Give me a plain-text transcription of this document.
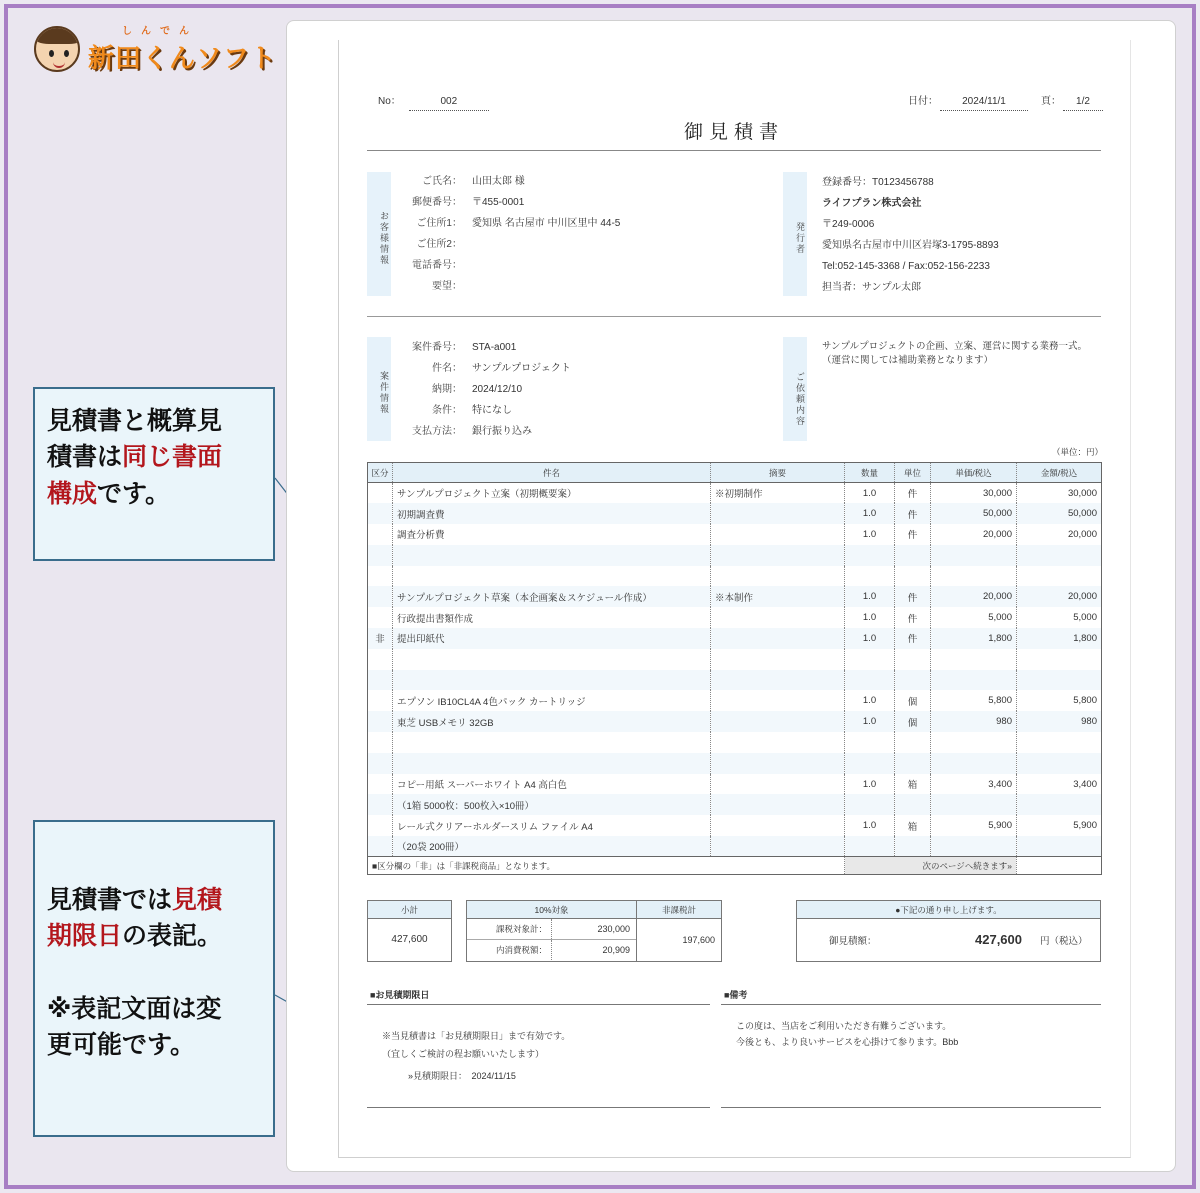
しんでん
新田くんソフト
見積書と概算見
積書は同じ書面
構成です。
見積書では見積
期限日の表記。
※表記文面は変
更可能です。
No：	002	日付： 2024/11/1	頁： 1/2
御見積書
お客様情報
ご氏名：	山田太郎 様
郵便番号：	〒455-0001
ご住所1：	愛知県 名古屋市 中川区里中 44-5
ご住所2：
電話番号：
要望：
発行者
登録番号：T0123456788
ライフプラン株式会社
〒249-0006
愛知県名古屋市中川区岩塚3-1795-8893
Tel:052-145-3368 / Fax:052-156-2233
担当者：サンプル太郎
案件情報
案件番号：	STA-a001
件名：	サンプルプロジェクト
納期：	2024/12/10
条件：	特になし
支払方法：	銀行振り込み
ご依頼内容
サンプルプロジェクトの企画、立案、運営に関する業務一式。
（運営に関しては補助業務となります）
（単位：円）
区分	件名	摘要	数量	単位	単価/税込	金額/税込
	サンプルプロジェクト立案（初期概要案）	※初期制作	1.0	件	30,000	30,000
	初期調査費		1.0	件	50,000	50,000
	調査分析費		1.0	件	20,000	20,000

	サンプルプロジェクト草案（本企画案＆スケジュール作成）	※本制作	1.0	件	20,000	20,000
	行政提出書類作成		1.0	件	5,000	5,000
非	提出印紙代		1.0	件	1,800	1,800

	エプソン IB10CL4A 4色パック カートリッジ		1.0	個	5,800	5,800
	東芝 USBメモリ 32GB		1.0	個	980	980

	コピー用紙 スーパーホワイト A4 高白色		1.0	箱	3,400	3,400
	（1箱 5000枚：500枚入×10冊）					
	レール式クリアーホルダースリム ファイル A4		1.0	箱	5,900	5,900
	（20袋 200冊）					
■区分欄の「非」は「非課税商品」となります。			次のページへ続きます»			
小計
427,600
10%対象	非課税計
課税対象計：	230,000
内消費税額：	20,909
197,600
●下記の通り申し上げます。
御見積額：	427,600	円（税込）
■お見積期限日
※当見積書は「お見積期限日」まで有効です。
（宜しくご検討の程お願いいたします）
»見積期限日：　2024/11/15
■備考
この度は、当店をご利用いただき有難うございます。
今後とも、より良いサービスを心掛けて参ります。Bbb
